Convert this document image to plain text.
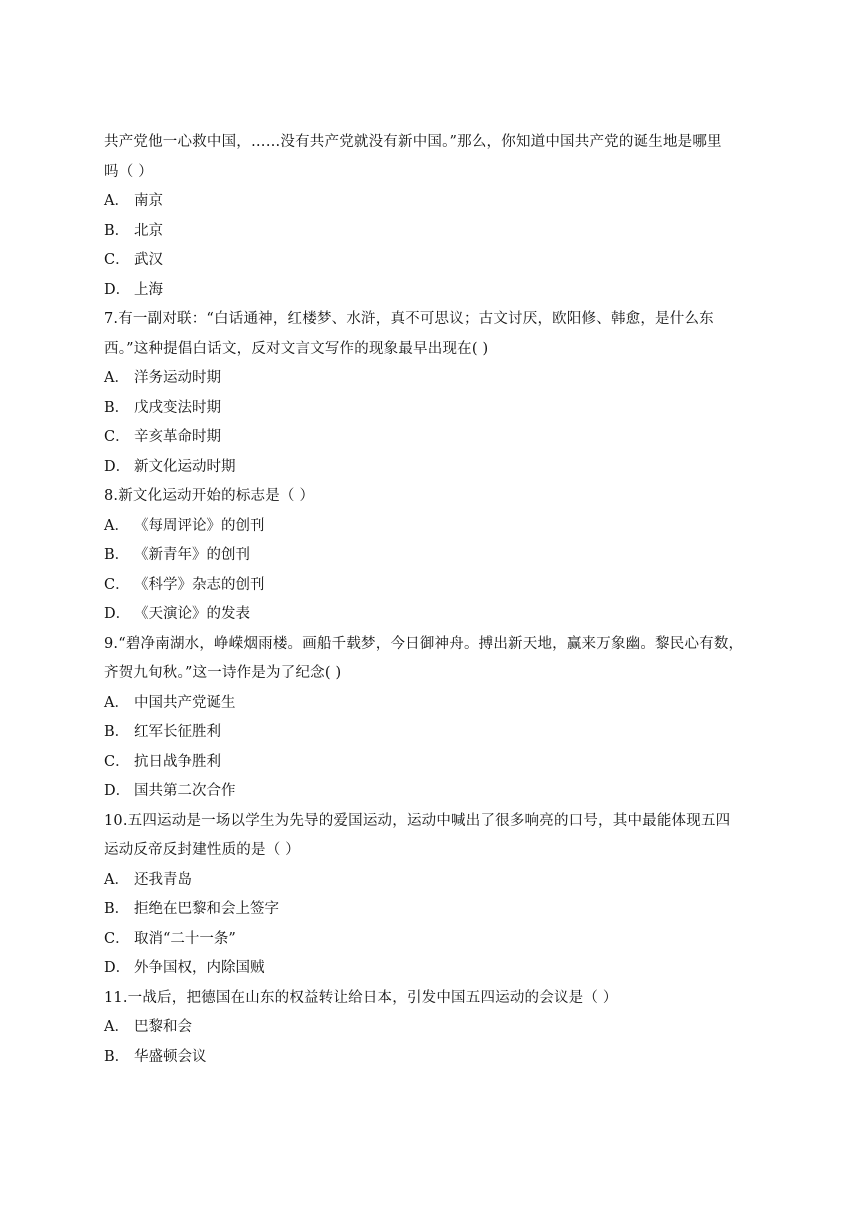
共产党他一心救中国，……没有共产党就没有新中国。”那么，你知道中国共产党的诞生地是哪里
吗（ ）
A． 南京
B． 北京
C． 武汉
D． 上海
7.有一副对联：“白话通神，红楼梦、水浒，真不可思议；古文讨厌，欧阳修、韩愈，是什么东
西。”这种提倡白话文，反对文言文写作的现象最早出现在( )
A． 洋务运动时期
B． 戊戌变法时期
C． 辛亥革命时期
D． 新文化运动时期
8.新文化运动开始的标志是（ ）
A． 《每周评论》的创刊
B． 《新青年》的创刊
C． 《科学》杂志的创刊
D． 《天演论》的发表
9.“碧净南湖水，峥嵘烟雨楼。画船千载梦，今日御神舟。搏出新天地，赢来万象幽。黎民心有数，
齐贺九旬秋。”这一诗作是为了纪念( )
A． 中国共产党诞生
B． 红军长征胜利
C． 抗日战争胜利
D． 国共第二次合作
10.五四运动是一场以学生为先导的爱国运动，运动中喊出了很多响亮的口号，其中最能体现五四
运动反帝反封建性质的是（ ）
A． 还我青岛
B． 拒绝在巴黎和会上签字
C． 取消“二十一条”
D． 外争国权，内除国贼
11.一战后，把德国在山东的权益转让给日本，引发中国五四运动的会议是（ ）
A． 巴黎和会
B． 华盛顿会议
